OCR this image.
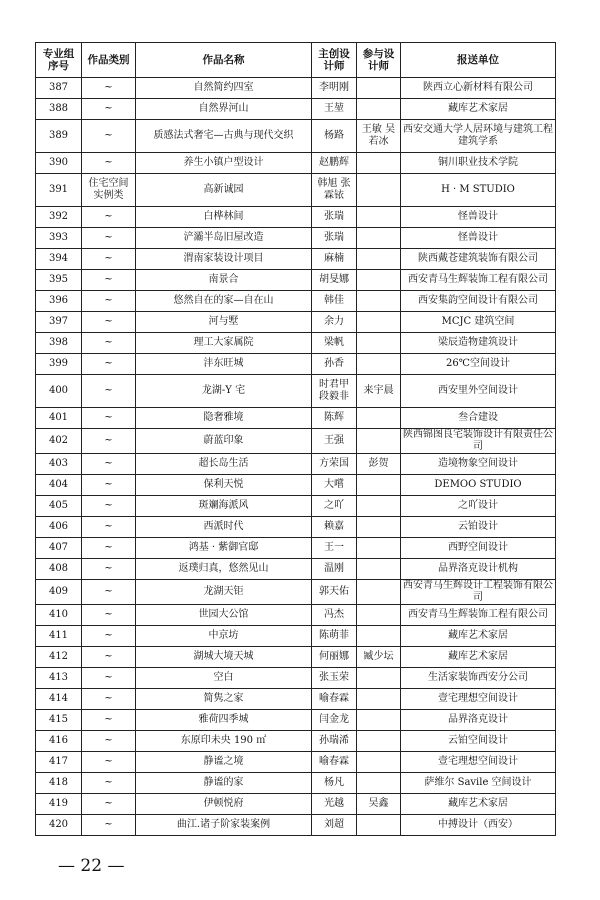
专业组序号	作品类别	作品名称	主创设计师	参与设计师	报送单位
387	~	自然简约四室	李明刚		陕西立心新材料有限公司
388	~	自然界河山	王堃		藏库艺术家居
389	~	质感法式奢宅—古典与现代交织	杨路	王敏 吴若冰	西安交通大学人居环境与建筑工程建筑学系
390	~	养生小镇户型设计	赵鹏辉		铜川职业技术学院
391	住宅空间实例类	高新诚园	韩旭 张霖铱		H · M STUDIO
392	~	白桦林间	张瑞		怪兽设计
393	~	浐灞半岛旧屋改造	张瑞		怪兽设计
394	~	渭南家装设计项目	麻楠		陕西戴苍建筑装饰有限公司
395	~	南景合	胡旻娜		西安青马生辉装饰工程有限公司
396	~	悠然自在的家—自在山	韩佳		西安集韵空间设计有限公司
397	~	河与墅	余力		MCJC 建筑空间
398	~	理工大家属院	梁帆		梁辰造物建筑设计
399	~	沣东旺城	孙香		26℃空间设计
400	~	龙湖-Y 宅	时君甲 段毅非	来宇晨	西安里外空间设计
401	~	隐奢雅境	陈辉		叁合建设
402	~	蔚蓝印象	王强		陕西锦图良宅装饰设计有限责任公司
403	~	超长岛生活	方荣国	彭贺	造境物象空间设计
404	~	保利天悦	大嚐		DEMOO STUDIO
405	~	斑斓海派风	之吖		之吖设计
406	~	西派时代	赖嘉		云铂设计
407	~	鸿基 · 紫御官邸	王一		西野空间设计
408	~	返璞归真，悠然见山	温刚		品界洛克设计机构
409	~	龙湖天钜	郭天佑		西安青马生辉设计工程装饰有限公司
410	~	世园大公馆	冯杰		西安青马生辉装饰工程有限公司
411	~	中京坊	陈萌菲		藏库艺术家居
412	~	湖城大境天城	何丽娜	臧少坛	藏库艺术家居
413	~	空白	张玉荣		生活家装饰西安分公司
414	~	简隽之家	喻春霖		壹宅理想空间设计
415	~	雅荷四季城	闫金龙		品界洛克设计
416	~	东原印未央 190 ㎡	孙瑞浠		云铂空间设计
417	~	静谧之境	喻春霖		壹宅理想空间设计
418	~	静谧的家	杨凡		萨维尔 Savile 空间设计
419	~	伊顿悦府	光越	吴鑫	藏库艺术家居
420	~	曲江.诸子阶家装案例	刘超		中搏设计（西安）
— 22 —
